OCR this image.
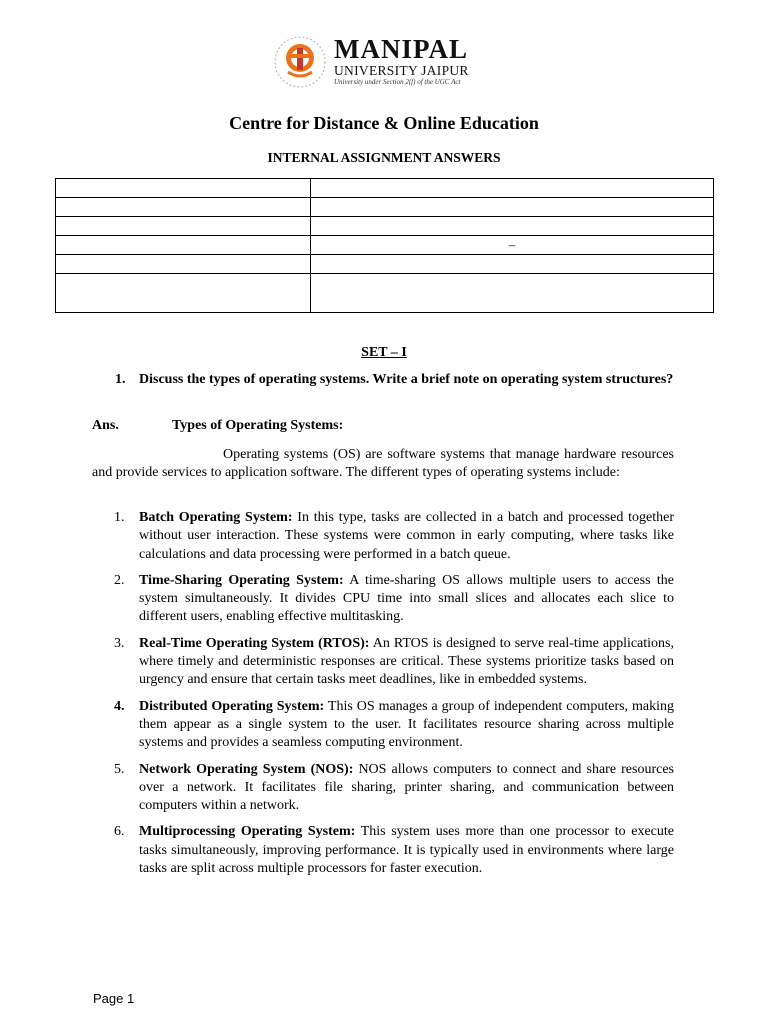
MANIPAL
UNIVERSITY JAIPUR
University under Section 2(f) of the UGC Act
Centre for Distance & Online Education
INTERNAL ASSIGNMENT ANSWERS

	–

SET – I
1. Discuss the types of operating systems. Write a brief note on operating system structures?
Ans.	Types of Operating Systems:

Operating systems (OS) are software systems that manage hardware resources and provide services to application software. The different types of operating systems include:

1. Batch Operating System: In this type, tasks are collected in a batch and processed together without user interaction. These systems were common in early computing, where tasks like calculations and data processing were performed in a batch queue.
2. Time-Sharing Operating System: A time-sharing OS allows multiple users to access the system simultaneously. It divides CPU time into small slices and allocates each slice to different users, enabling effective multitasking.
3. Real-Time Operating System (RTOS): An RTOS is designed to serve real-time applications, where timely and deterministic responses are critical. These systems prioritize tasks based on urgency and ensure that certain tasks meet deadlines, like in embedded systems.
4. Distributed Operating System: This OS manages a group of independent computers, making them appear as a single system to the user. It facilitates resource sharing across multiple systems and provides a seamless computing environment.
5. Network Operating System (NOS): NOS allows computers to connect and share resources over a network. It facilitates file sharing, printer sharing, and communication between computers within a network.
6. Multiprocessing Operating System: This system uses more than one processor to execute tasks simultaneously, improving performance. It is typically used in environments where large tasks are split across multiple processors for faster execution.
Page 1
